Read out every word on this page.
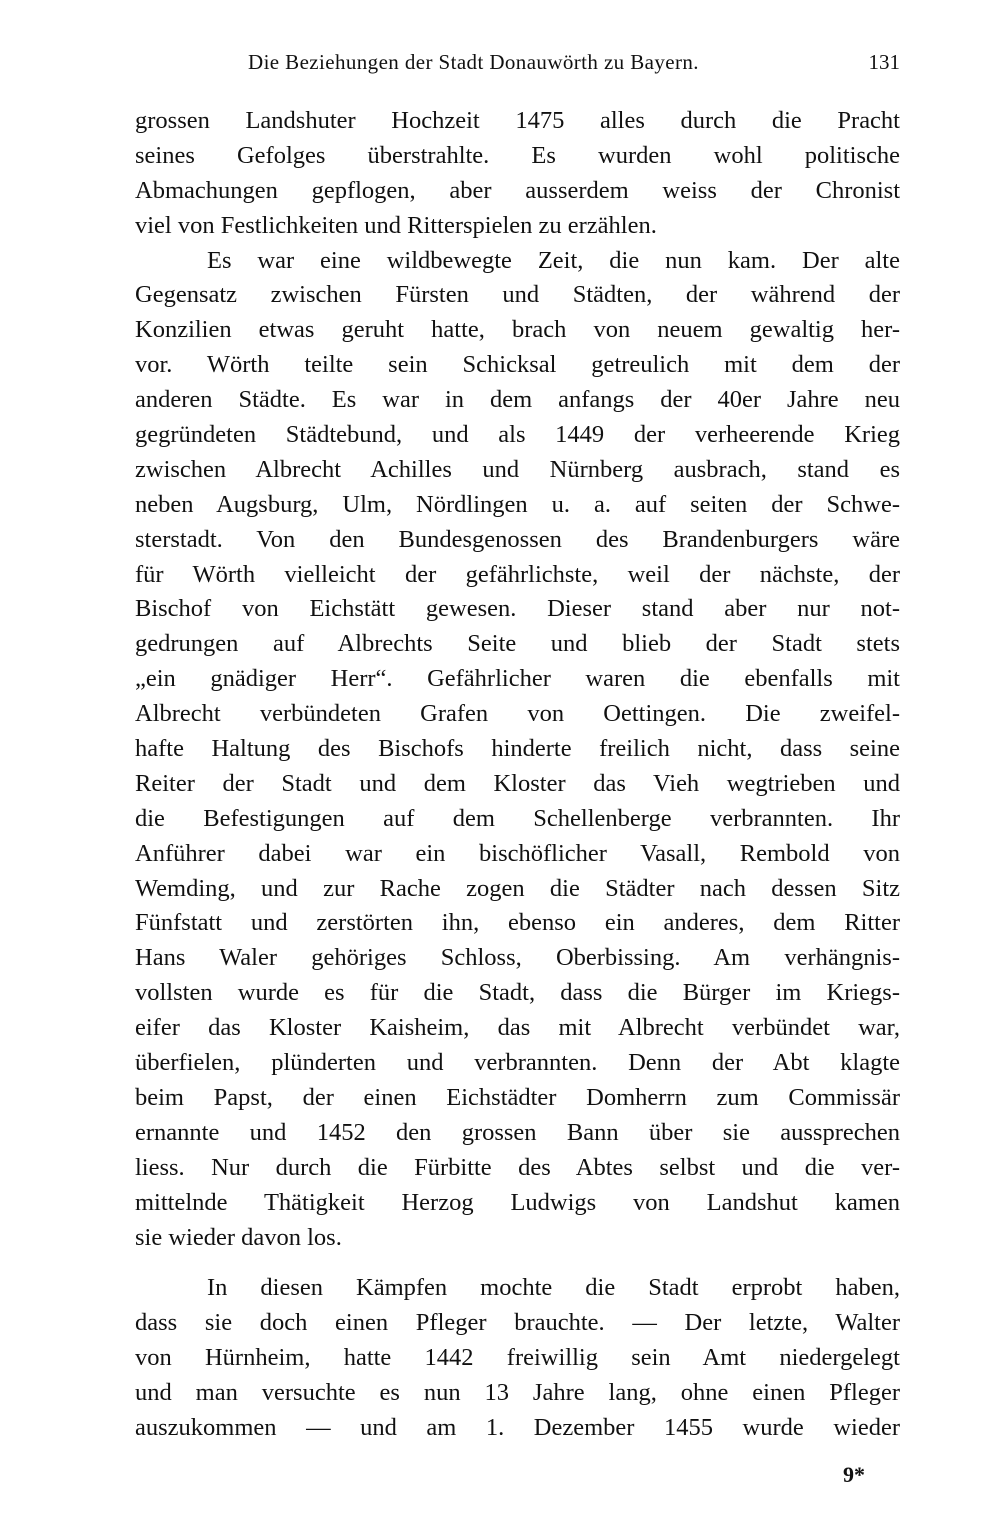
Die Beziehungen der Stadt Donauwörth zu Bayern.	131
grossen Landshuter Hochzeit 1475 alles durch die Pracht
seines Gefolges überstrahlte. Es wurden wohl politische
Abmachungen gepflogen, aber ausserdem weiss der Chronist
viel von Festlichkeiten und Ritterspielen zu erzählen.
Es war eine wildbewegte Zeit, die nun kam. Der alte
Gegensatz zwischen Fürsten und Städten, der während der
Konzilien etwas geruht hatte, brach von neuem gewaltig her-
vor. Wörth teilte sein Schicksal getreulich mit dem der
anderen Städte. Es war in dem anfangs der 40er Jahre neu
gegründeten Städtebund, und als 1449 der verheerende Krieg
zwischen Albrecht Achilles und Nürnberg ausbrach, stand es
neben Augsburg, Ulm, Nördlingen u. a. auf seiten der Schwe-
sterstadt. Von den Bundesgenossen des Brandenburgers wäre
für Wörth vielleicht der gefährlichste, weil der nächste, der
Bischof von Eichstätt gewesen. Dieser stand aber nur not-
gedrungen auf Albrechts Seite und blieb der Stadt stets
„ein gnädiger Herr“. Gefährlicher waren die ebenfalls mit
Albrecht verbündeten Grafen von Oettingen. Die zweifel-
hafte Haltung des Bischofs hinderte freilich nicht, dass seine
Reiter der Stadt und dem Kloster das Vieh wegtrieben und
die Befestigungen auf dem Schellenberge verbrannten. Ihr
Anführer dabei war ein bischöflicher Vasall, Rembold von
Wemding, und zur Rache zogen die Städter nach dessen Sitz
Fünfstatt und zerstörten ihn, ebenso ein anderes, dem Ritter
Hans Waler gehöriges Schloss, Oberbissing. Am verhängnis-
vollsten wurde es für die Stadt, dass die Bürger im Kriegs-
eifer das Kloster Kaisheim, das mit Albrecht verbündet war,
überfielen, plünderten und verbrannten. Denn der Abt klagte
beim Papst, der einen Eichstädter Domherrn zum Commissär
ernannte und 1452 den grossen Bann über sie aussprechen
liess. Nur durch die Fürbitte des Abtes selbst und die ver-
mittelnde Thätigkeit Herzog Ludwigs von Landshut kamen
sie wieder davon los.
In diesen Kämpfen mochte die Stadt erprobt haben,
dass sie doch einen Pfleger brauchte. — Der letzte, Walter
von Hürnheim, hatte 1442 freiwillig sein Amt niedergelegt
und man versuchte es nun 13 Jahre lang, ohne einen Pfleger
auszukommen — und am 1. Dezember 1455 wurde wieder
9*
